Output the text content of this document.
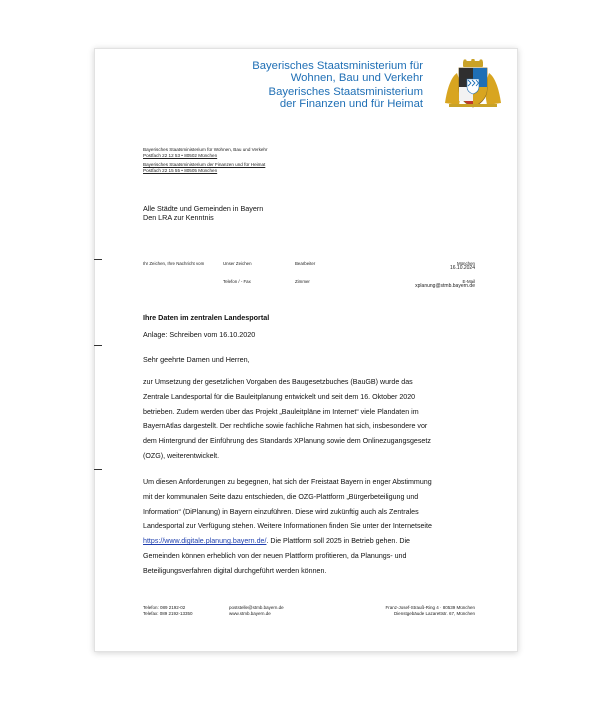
Bayerisches Staatsministerium für
Wohnen, Bau und Verkehr
Bayerisches Staatsministerium
der Finanzen und für Heimat
Bayerisches Staatsministerium für Wohnen, Bau und Verkehr
Postfach 22 12 53 • 80502 München
Bayerisches Staatsministerium der Finanzen und für Heimat
Postfach 22 15 55 • 80505 München
Alle Städte und Gemeinden in Bayern
Den LRA zur Kenntnis
Ihr Zeichen, Ihre Nachricht vom	Unser Zeichen	Bearbeiter	München
16.10.2024
Telefon / - Fax	Zimmer	E-Mail
xplanung@stmb.bayern.de
Ihre Daten im zentralen Landesportal
Anlage: Schreiben vom 16.10.2020
Sehr geehrte Damen und Herren,
zur Umsetzung der gesetzlichen Vorgaben des Baugesetzbuches (BauGB) wurde das Zentrale Landesportal für die Bauleitplanung entwickelt und seit dem 16. Oktober 2020 betrieben. Zudem werden über das Projekt „Bauleitpläne im Internet“ viele Plandaten im BayernAtlas dargestellt. Der rechtliche sowie fachliche Rahmen hat sich, insbesondere vor dem Hintergrund der Einführung des Standards XPlanung sowie dem Onlinezugangsgesetz (OZG), weiterentwickelt.
Um diesen Anforderungen zu begegnen, hat sich der Freistaat Bayern in enger Abstimmung mit der kommunalen Seite dazu entschieden, die OZG-Plattform „Bürgerbeteiligung und Information“ (DiPlanung) in Bayern einzuführen. Diese wird zukünftig auch als Zentrales Landesportal zur Verfügung stehen. Weitere Informationen finden Sie unter der Internetseite https://www.digitale.planung.bayern.de/. Die Plattform soll 2025 in Betrieb gehen. Die Gemeinden können erheblich von der neuen Plattform profitieren, da Planungs- und Beteiligungsverfahren digital durchgeführt werden können.
Telefon: 089 2192-02
Telefax: 089 2192-13350
poststelle@stmb.bayern.de
www.stmb.bayern.de
Franz-Josef-Strauß-Ring 4 · 80539 München
Dienstgebäude Lazarettstr. 67, München
